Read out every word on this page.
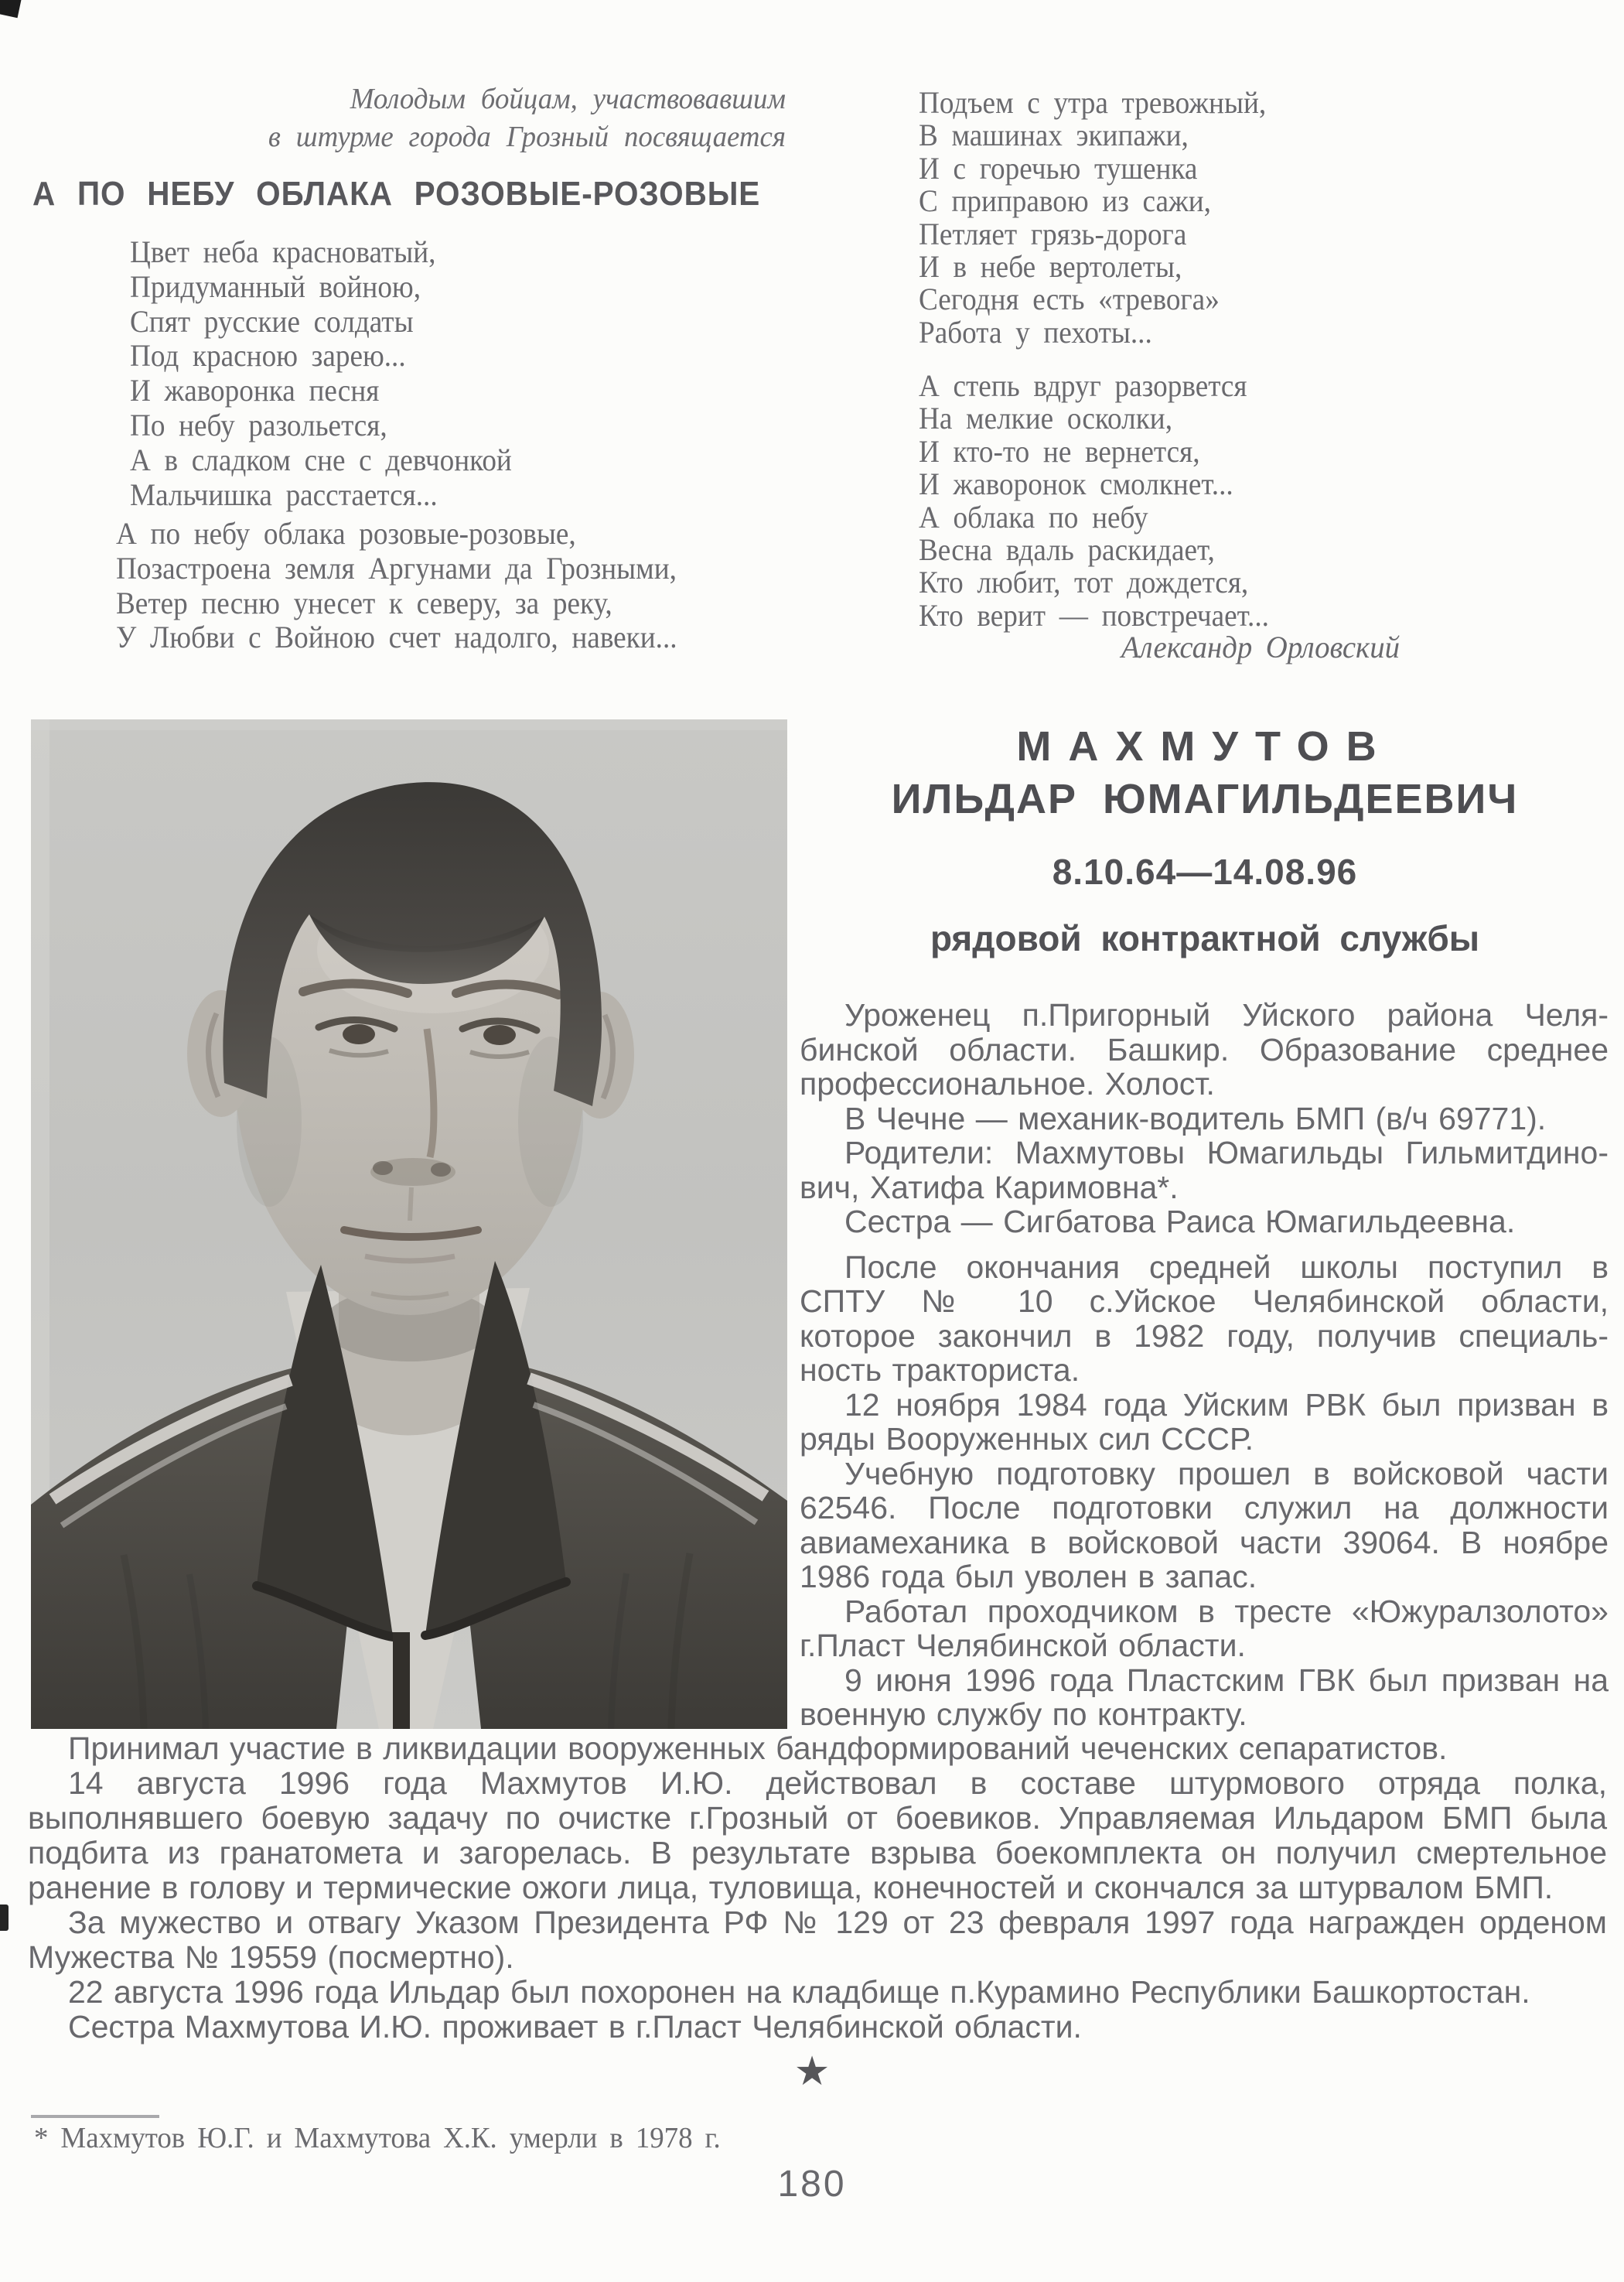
Молодым бойцам, участвовавшим
в штурме города Грозный посвящается
А ПО НЕБУ ОБЛАКА РОЗОВЫЕ-РОЗОВЫЕ
Цвет неба красноватый,
Придуманный войною,
Спят русские солдаты
Под красною зарею...
И жаворонка песня
По небу разольется,
А в сладком сне с девчонкой
Мальчишка расстается...
А по небу облака розовые-розовые,
Позастроена земля Аргунами да Грозными,
Ветер песню унесет к северу, за реку,
У Любви с Войною счет надолго, навеки...
Подъем с утра тревожный,
В машинах экипажи,
И с горечью тушенка
С приправою из сажи,
Петляет грязь-дорога
И в небе вертолеты,
Сегодня есть «тревога»
Работа у пехоты...
А степь вдруг разорвется
На мелкие осколки,
И кто-то не вернется,
И жаворонок смолкнет...
А облака по небу
Весна вдаль раскидает,
Кто любит, тот дождется,
Кто верит — повстречает...
Александр Орловский
МАХМУТОВ
ИЛЬДАР ЮМАГИЛЬДЕЕВИЧ
8.10.64—14.08.96
рядовой контрактной службы
Уроженец п.Пригорный Уйского района Челя-
бинской области. Башкир. Образование среднее
профессиональное. Холост.
В Чечне — механик-водитель БМП (в/ч 69771).
Родители: Махмутовы Юмагильды Гильмитдино-
вич, Хатифа Каримовна*.
Сестра — Сигбатова Раиса Юмагильдеевна.
После окончания средней школы поступил в
СПТУ № 10 с.Уйское Челябинской области,
которое закончил в 1982 году, получив специаль-
ность тракториста.
12 ноября 1984 года Уйским РВК был призван в
ряды Вооруженных сил СССР.
Учебную подготовку прошел в войсковой части
62546. После подготовки служил на должности
авиамеханика в войсковой части 39064. В ноябре
1986 года был уволен в запас.
Работал проходчиком в тресте «Южуралзолото»
г.Пласт Челябинской области.
9 июня 1996 года Пластским ГВК был призван на
военную службу по контракту.
Принимал участие в ликвидации вооруженных бандформирований чеченских сепаратистов.
14 августа 1996 года Махмутов И.Ю. действовал в составе штурмового отряда полка,
выполнявшего боевую задачу по очистке г.Грозный от боевиков. Управляемая Ильдаром БМП была
подбита из гранатомета и загорелась. В результате взрыва боекомплекта он получил смертельное
ранение в голову и термические ожоги лица, туловища, конечностей и скончался за штурвалом БМП.
За мужество и отвагу Указом Президента РФ № 129 от 23 февраля 1997 года награжден орденом
Мужества № 19559 (посмертно).
22 августа 1996 года Ильдар был похоронен на кладбище п.Курамино Республики Башкортостан.
Сестра Махмутова И.Ю. проживает в г.Пласт Челябинской области.
★
* Махмутов Ю.Г. и Махмутова Х.К. умерли в 1978 г.
180
